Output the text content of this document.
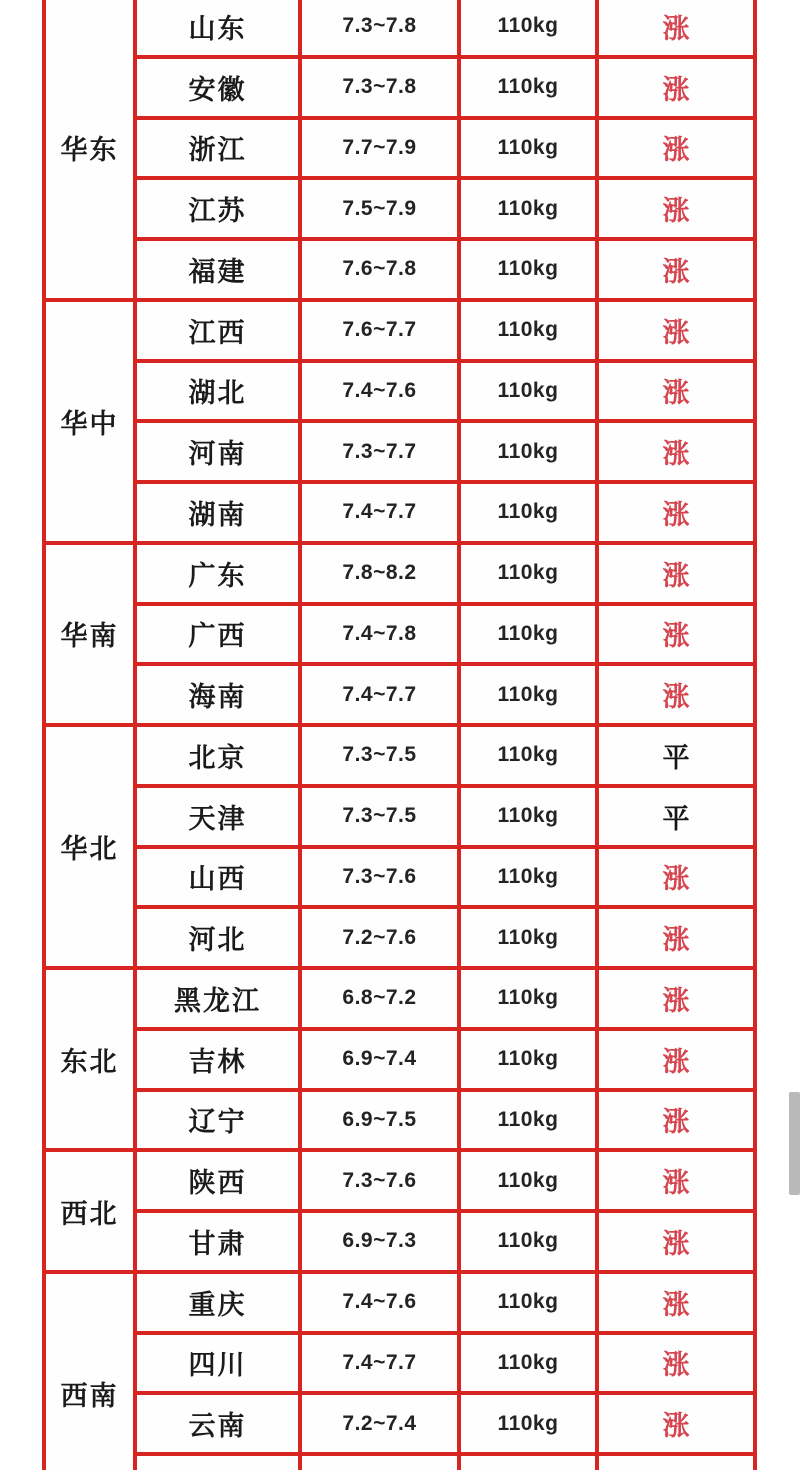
华东
山东	7.3~7.8	110kg	涨
安徽	7.3~7.8	110kg	涨
浙江	7.7~7.9	110kg	涨
江苏	7.5~7.9	110kg	涨
福建	7.6~7.8	110kg	涨
华中
江西	7.6~7.7	110kg	涨
湖北	7.4~7.6	110kg	涨
河南	7.3~7.7	110kg	涨
湖南	7.4~7.7	110kg	涨
华南
广东	7.8~8.2	110kg	涨
广西	7.4~7.8	110kg	涨
海南	7.4~7.7	110kg	涨
华北
北京	7.3~7.5	110kg	平
天津	7.3~7.5	110kg	平
山西	7.3~7.6	110kg	涨
河北	7.2~7.6	110kg	涨
东北
黑龙江	6.8~7.2	110kg	涨
吉林	6.9~7.4	110kg	涨
辽宁	6.9~7.5	110kg	涨
西北
陕西	7.3~7.6	110kg	涨
甘肃	6.9~7.3	110kg	涨
西南
重庆	7.4~7.6	110kg	涨
四川	7.4~7.7	110kg	涨
云南	7.2~7.4	110kg	涨
